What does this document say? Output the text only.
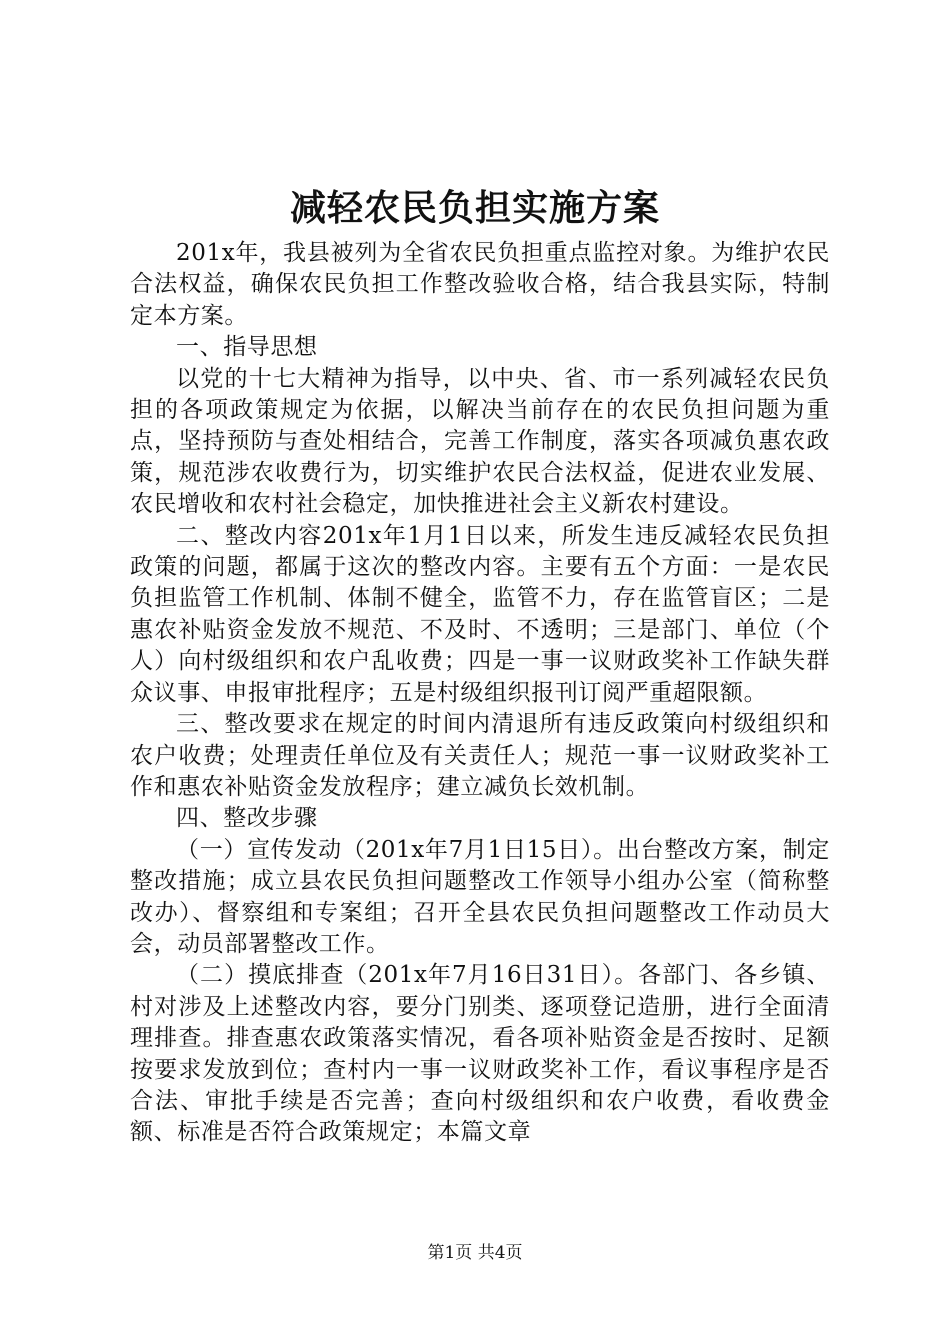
减轻农民负担实施方案

201x年，我县被列为全省农民负担重点监控对象。为维护农民合法权益，确保农民负担工作整改验收合格，结合我县实际，特制定本方案。

一、指导思想

以党的十七大精神为指导，以中央、省、市一系列减轻农民负担的各项政策规定为依据，以解决当前存在的农民负担问题为重点，坚持预防与查处相结合，完善工作制度，落实各项减负惠农政策，规范涉农收费行为，切实维护农民合法权益，促进农业发展、农民增收和农村社会稳定，加快推进社会主义新农村建设。

二、整改内容201x年1月1日以来，所发生违反减轻农民负担政策的问题，都属于这次的整改内容。主要有五个方面：一是农民负担监管工作机制、体制不健全，监管不力，存在监管盲区；二是惠农补贴资金发放不规范、不及时、不透明；三是部门、单位（个人）向村级组织和农户乱收费；四是一事一议财政奖补工作缺失群众议事、申报审批程序；五是村级组织报刊订阅严重超限额。

三、整改要求在规定的时间内清退所有违反政策向村级组织和农户收费；处理责任单位及有关责任人；规范一事一议财政奖补工作和惠农补贴资金发放程序；建立减负长效机制。

四、整改步骤

（一）宣传发动（201x年7月1日15日）。出台整改方案，制定整改措施；成立县农民负担问题整改工作领导小组办公室（简称整改办）、督察组和专案组；召开全县农民负担问题整改工作动员大会，动员部署整改工作。

（二）摸底排查（201x年7月16日31日）。各部门、各乡镇、村对涉及上述整改内容，要分门别类、逐项登记造册，进行全面清理排查。排查惠农政策落实情况，看各项补贴资金是否按时、足额按要求发放到位；查村内一事一议财政奖补工作，看议事程序是否合法、审批手续是否完善；查向村级组织和农户收费，看收费金额、标准是否符合政策规定；本篇文章

第1页 共4页
